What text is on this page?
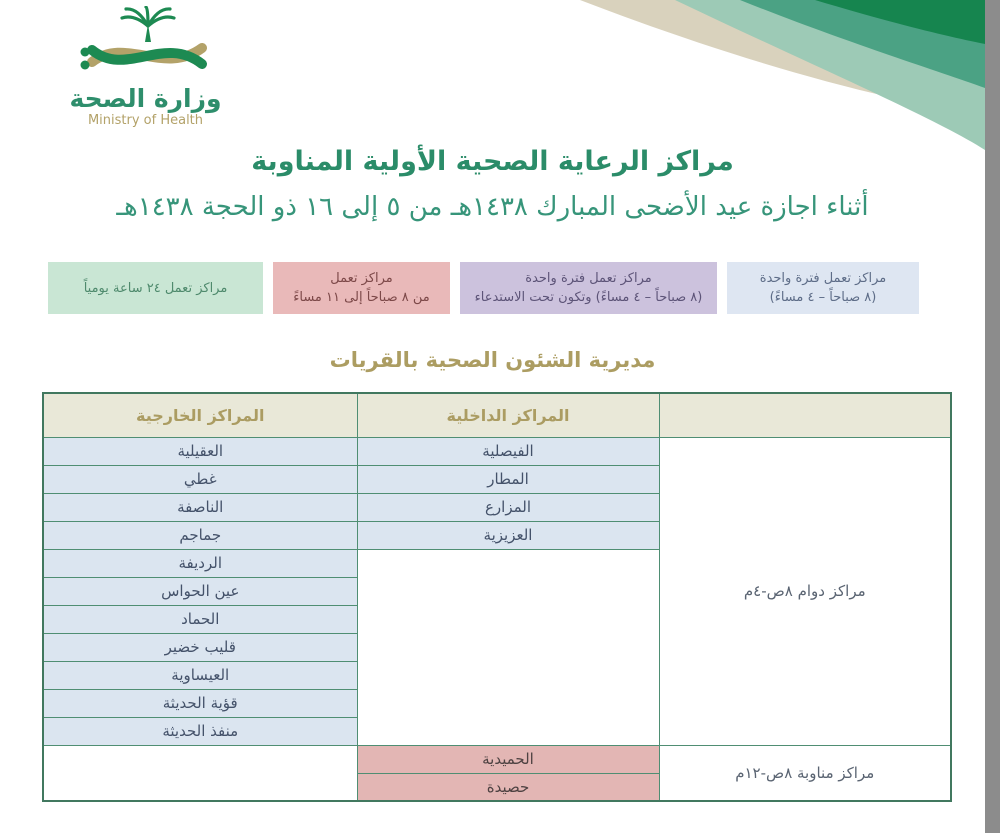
وزارة الصحة
Ministry of Health
مراكز الرعاية الصحية الأولية المناوبة
أثناء اجازة عيد الأضحى المبارك ١٤٣٨هـ من ٥ إلى ١٦ ذو الحجة ١٤٣٨هـ
مراكز تعمل ٢٤ ساعة يومياً
مراكز تعمل
من ٨ صباحاً إلى ١١ مساءً
مراكز تعمل فترة واحدة
(٨ صباحاً – ٤ مساءً) وتكون تحت الاستدعاء
مراكز تعمل فترة واحدة
(٨ صباحاً – ٤ مساءً)
مديرية الشئون الصحية بالقريات
المراكز الخارجية	المراكز الداخلية	
العقيلية	الفيصلية	مراكز دوام ٨ص-٤م
غطي	المطار	
الناصفة	المزارع	
جماجم	العزيزية	
الرديفة		
عين الحواس		
الحماد		
قليب خضير		
العيساوية		
قؤية الحديثة		
منفذ الحديثة		
	الحميدية	مراكز مناوبة ٨ص-١٢م
	حصيدة	
